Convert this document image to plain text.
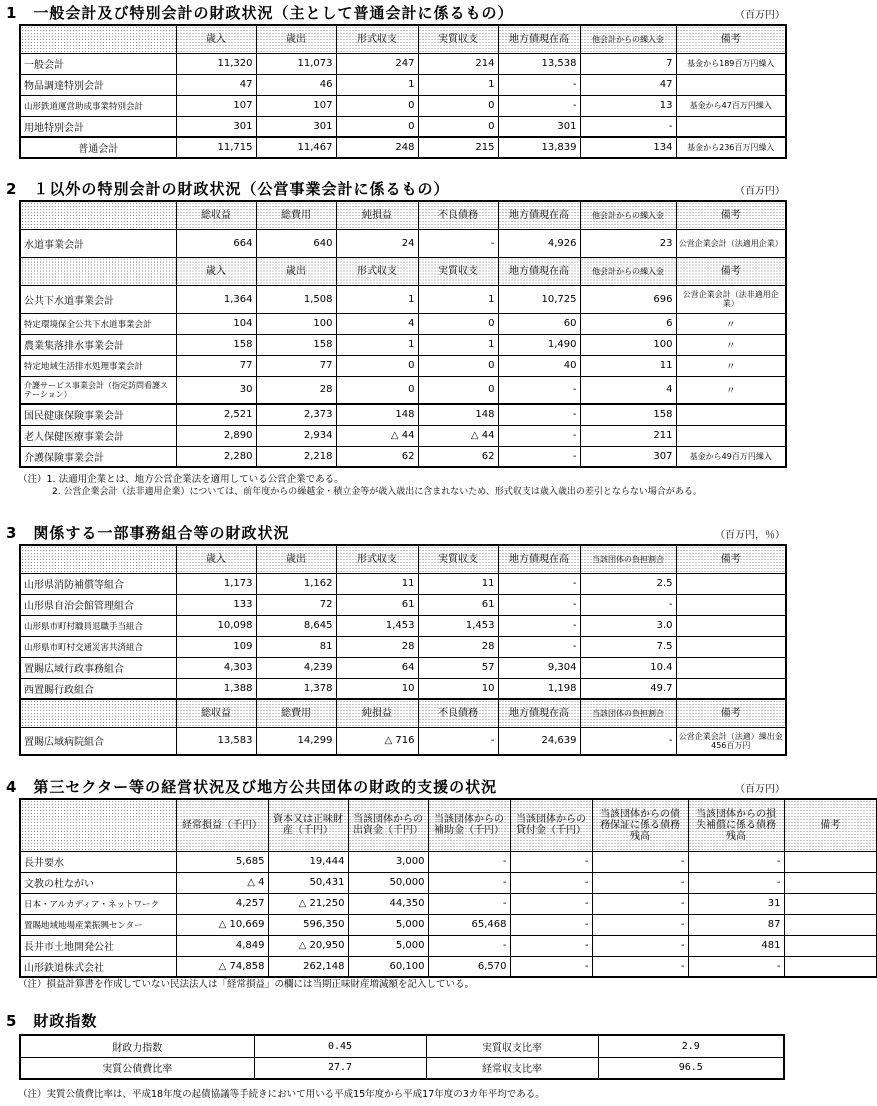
1　一般会計及び特別会計の財政状況（主として普通会計に係るもの）	（百万円）
	歳入	歳出	形式収支	実質収支	地方債現在高	他会計からの繰入金	備考
一般会計	11,320	11,073	247	214	13,538	7	基金から189百万円繰入
物品調達特別会計	47	46	1	1	-	47	
山形鉄道運営助成事業特別会計	107	107	0	0	-	13	基金から47百万円繰入
用地特別会計	301	301	0	0	301	-	
普通会計	11,715	11,467	248	215	13,839	134	基金から236百万円繰入
2　１以外の特別会計の財政状況（公営事業会計に係るもの）	（百万円）
	総収益	総費用	純損益	不良債務	地方債現在高	他会計からの繰入金	備考
水道事業会計	664	640	24	-	4,926	23	公営企業会計（法適用企業）
	歳入	歳出	形式収支	実質収支	地方債現在高	他会計からの繰入金	備考
公共下水道事業会計	1,364	1,508	1	1	10,725	696	公営企業会計（法非適用企業）
特定環境保全公共下水道事業会計	104	100	4	0	60	6	〃
農業集落排水事業会計	158	158	1	1	1,490	100	〃
特定地域生活排水処理事業会計	77	77	0	0	40	11	〃
介護サービス事業会計（指定訪問看護ステーション）	30	28	0	0	-	4	〃
国民健康保険事業会計	2,521	2,373	148	148	-	158	
老人保健医療事業会計	2,890	2,934	△ 44	△ 44	-	211	
介護保険事業会計	2,280	2,218	62	62	-	307	基金から49百万円繰入
（注）1. 法適用企業とは、地方公営企業法を適用している公営企業である。
2. 公営企業会計（法非適用企業）については、前年度からの繰越金・積立金等が歳入歳出に含まれないため、形式収支は歳入歳出の差引とならない場合がある。
3　関係する一部事務組合等の財政状況	（百万円，％）
	歳入	歳出	形式収支	実質収支	地方債現在高	当該団体の負担割合	備考
山形県消防補償等組合	1,173	1,162	11	11	-	2.5	
山形県自治会館管理組合	133	72	61	61	-	-	
山形県市町村職員退職手当組合	10,098	8,645	1,453	1,453	-	3.0	
山形県市町村交通災害共済組合	109	81	28	28	-	7.5	
置賜広域行政事務組合	4,303	4,239	64	57	9,304	10.4	
西置賜行政組合	1,388	1,378	10	10	1,198	49.7	
	総収益	総費用	純損益	不良債務	地方債現在高	当該団体の負担割合	備考
置賜広域病院組合	13,583	14,299	△ 716	-	24,639	-	公営企業会計（法適）繰出金456百万円
4　第三セクター等の経営状況及び地方公共団体の財政的支援の状況	（百万円）
	経常損益（千円）	資本又は正味財産（千円）	当該団体からの出資金（千円）	当該団体からの補助金（千円）	当該団体からの貸付金（千円）	当該団体からの債務保証に係る債務残高	当該団体からの損失補償に係る債務残高	備考
長井要水	5,685	19,444	3,000	-	-	-	-	
文教の杜ながい	△ 4	50,431	50,000	-	-	-	-	
日本・アルカディア・ネットワーク	4,257	△ 21,250	44,350	-	-	-	31	
置賜地域地場産業振興センター	△ 10,669	596,350	5,000	65,468	-	-	87	
長井市土地開発公社	4,849	△ 20,950	5,000	-	-	-	481	
山形鉄道株式会社	△ 74,858	262,148	60,100	6,570	-	-	-	
（注）損益計算書を作成していない民法法人は「経常損益」の欄には当期正味財産増減額を記入している。
5　財政指数
財政力指数	0.45	実質収支比率	2.9
実質公債費比率	27.7	経常収支比率	96.5
（注）実質公債費比率は、平成18年度の起債協議等手続きにおいて用いる平成15年度から平成17年度の3カ年平均である。
